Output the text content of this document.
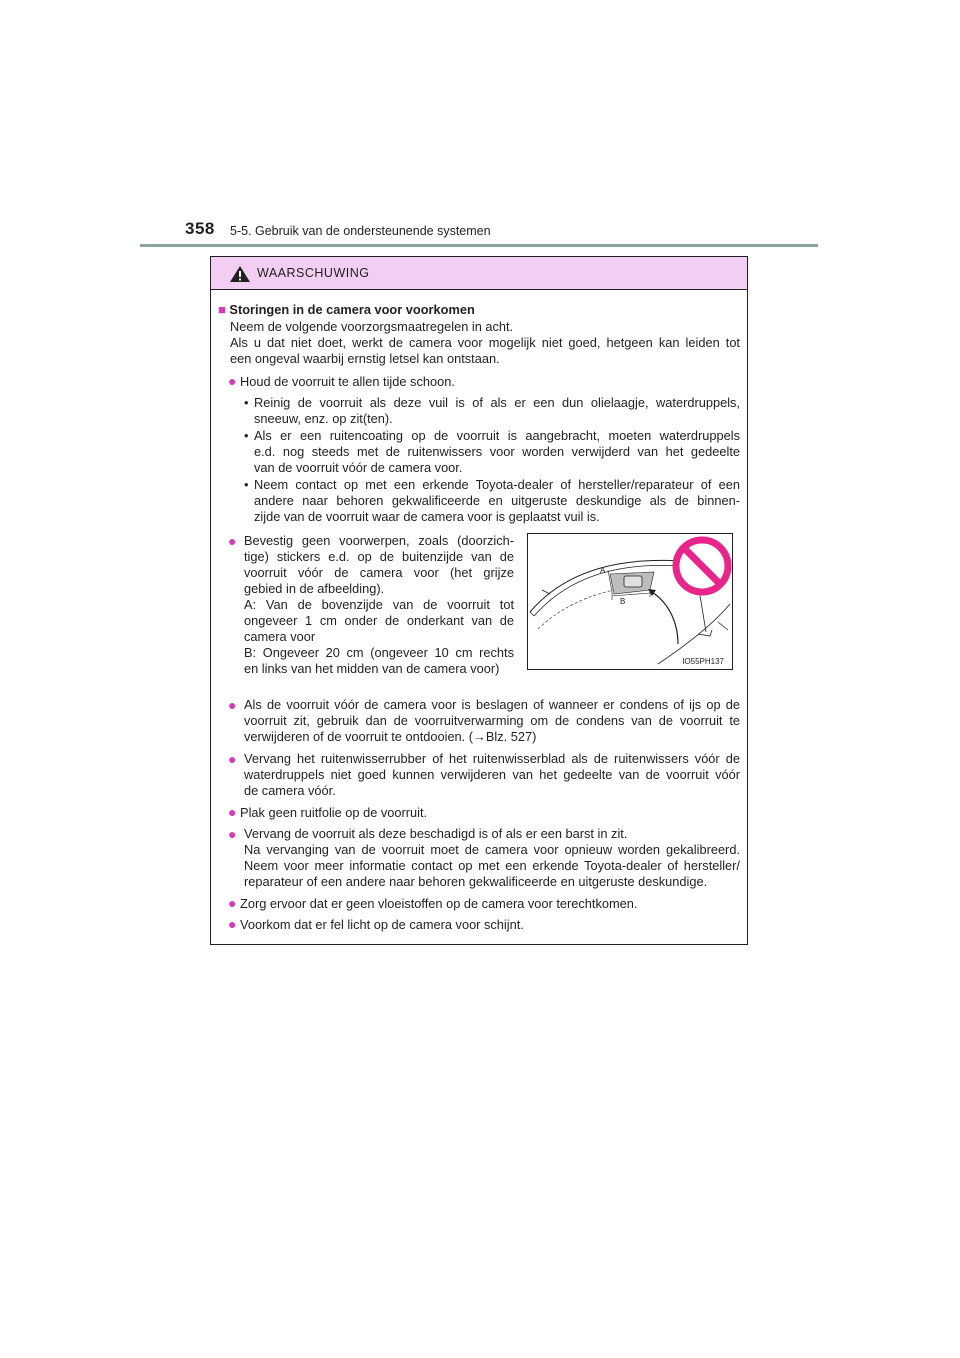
358 5-5. Gebruik van de ondersteunende systemen
WAARSCHUWING
■ Storingen in de camera voor voorkomen
Neem de volgende voorzorgsmaatregelen in acht.
Als u dat niet doet, werkt de camera voor mogelijk niet goed, hetgeen kan leiden tot
een ongeval waarbij ernstig letsel kan ontstaan.
● Houd de voorruit te allen tijde schoon.
• Reinig de voorruit als deze vuil is of als er een dun olielaagje, waterdruppels,
sneeuw, enz. op zit(ten).
• Als er een ruitencoating op de voorruit is aangebracht, moeten waterdruppels
e.d. nog steeds met de ruitenwissers voor worden verwijderd van het gedeelte
van de voorruit vóór de camera voor.
• Neem contact op met een erkende Toyota-dealer of hersteller/reparateur of een
andere naar behoren gekwalificeerde en uitgeruste deskundige als de binnen-
zijde van de voorruit waar de camera voor is geplaatst vuil is.
● Bevestig geen voorwerpen, zoals (doorzich-
tige) stickers e.d. op de buitenzijde van de
voorruit vóór de camera voor (het grijze
gebied in de afbeelding).
A: Van de bovenzijde van de voorruit tot
ongeveer 1 cm onder de onderkant van de
camera voor
B: Ongeveer 20 cm (ongeveer 10 cm rechts
en links van het midden van de camera voor)
A
B
IO55PH137
● Als de voorruit vóór de camera voor is beslagen of wanneer er condens of ijs op de
voorruit zit, gebruik dan de voorruitverwarming om de condens van de voorruit te
verwijderen of de voorruit te ontdooien. (→Blz. 527)
● Vervang het ruitenwisserrubber of het ruitenwisserblad als de ruitenwissers vóór de
waterdruppels niet goed kunnen verwijderen van het gedeelte van de voorruit vóór
de camera vóór.
● Plak geen ruitfolie op de voorruit.
● Vervang de voorruit als deze beschadigd is of als er een barst in zit.
Na vervanging van de voorruit moet de camera voor opnieuw worden gekalibreerd.
Neem voor meer informatie contact op met een erkende Toyota-dealer of hersteller/
reparateur of een andere naar behoren gekwalificeerde en uitgeruste deskundige.
● Zorg ervoor dat er geen vloeistoffen op de camera voor terechtkomen.
● Voorkom dat er fel licht op de camera voor schijnt.
